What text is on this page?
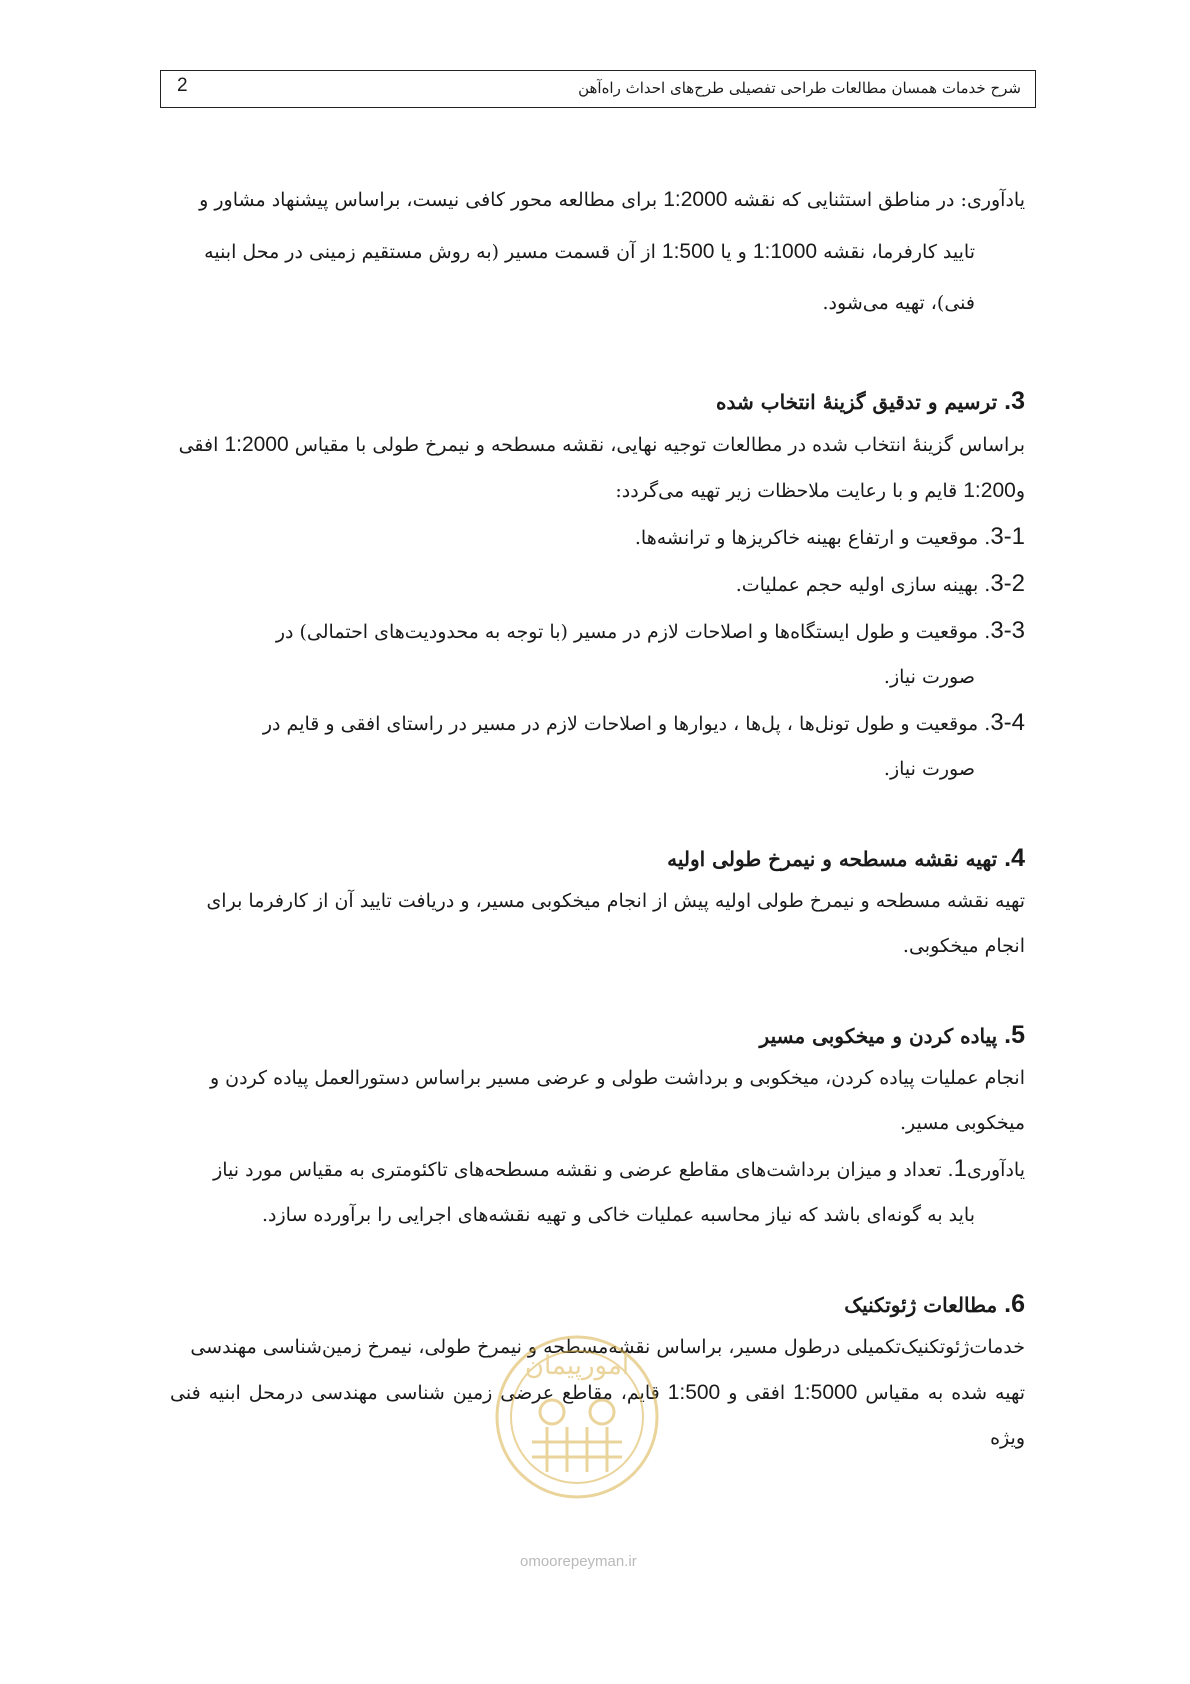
شرح خدمات همسان مطالعات طراحی تفصیلی طرح‌های احداث راه‌آهن
2

یادآوری: در مناطق استثنایی که نقشه 1:2000 برای مطالعه محور کافی نیست، براساس پیشنهاد مشاور و
تایید کارفرما، نقشه 1:1000 و یا 1:500 از آن قسمت مسیر (به روش مستقیم زمینی در محل ابنیه
فنی)، تهیه می‌شود.

3. ترسیم و تدقیق گزینۀ انتخاب شده

براساس گزینۀ انتخاب شده در مطالعات توجیه نهایی، نقشه مسطحه و نیمرخ طولی با مقیاس 1:2000 افقی
و1:200 قایم و با رعایت ملاحظات زیر تهیه می‌گردد:

3-1. موقعیت و ارتفاع بهینه خاکریزها و ترانشه‌ها.

3-2. بهینه سازی اولیه حجم عملیات.

3-3. موقعیت و طول ایستگاه‌ها و اصلاحات لازم در مسیر (با توجه به محدودیت‌های احتمالی) در
صورت نیاز.

3-4. موقعیت و طول تونل‌ها ، پل‌ها ، دیوارها و اصلاحات لازم در مسیر در راستای افقی و قایم در
صورت نیاز.

4. تهیه نقشه مسطحه و نیمرخ طولی اولیه

تهیه نقشه مسطحه و نیمرخ طولی اولیه پیش از انجام میخکوبی مسیر، و دریافت تایید آن از کارفرما برای
انجام میخکوبی.

5. پیاده کردن و میخکوبی مسیر

انجام عملیات پیاده کردن، میخکوبی و برداشت طولی و عرضی مسیر براساس دستورالعمل پیاده کردن و
میخکوبی مسیر.

یادآوری1. تعداد و میزان برداشت‌های مقاطع عرضی و نقشه مسطحه‌های تاکئومتری به مقیاس مورد نیاز
باید به گونه‌ای باشد که نیاز محاسبه عملیات خاکی و تهیه نقشه‌های اجرایی را برآورده سازد.

6. مطالعات ژئوتکنیک

خدمات‌ژئوتکنیک‌تکمیلی درطول مسیر، براساس نقشه‌مسطحه و نیمرخ طولی، نیمرخ زمین‌شناسی مهندسی
تهیه شده به مقیاس 1:5000 افقی و 1:500 قایم، مقاطع عرضی زمین شناسی مهندسی درمحل ابنیه فنی ویژه

امورپیمان
omoorepeyman.ir
